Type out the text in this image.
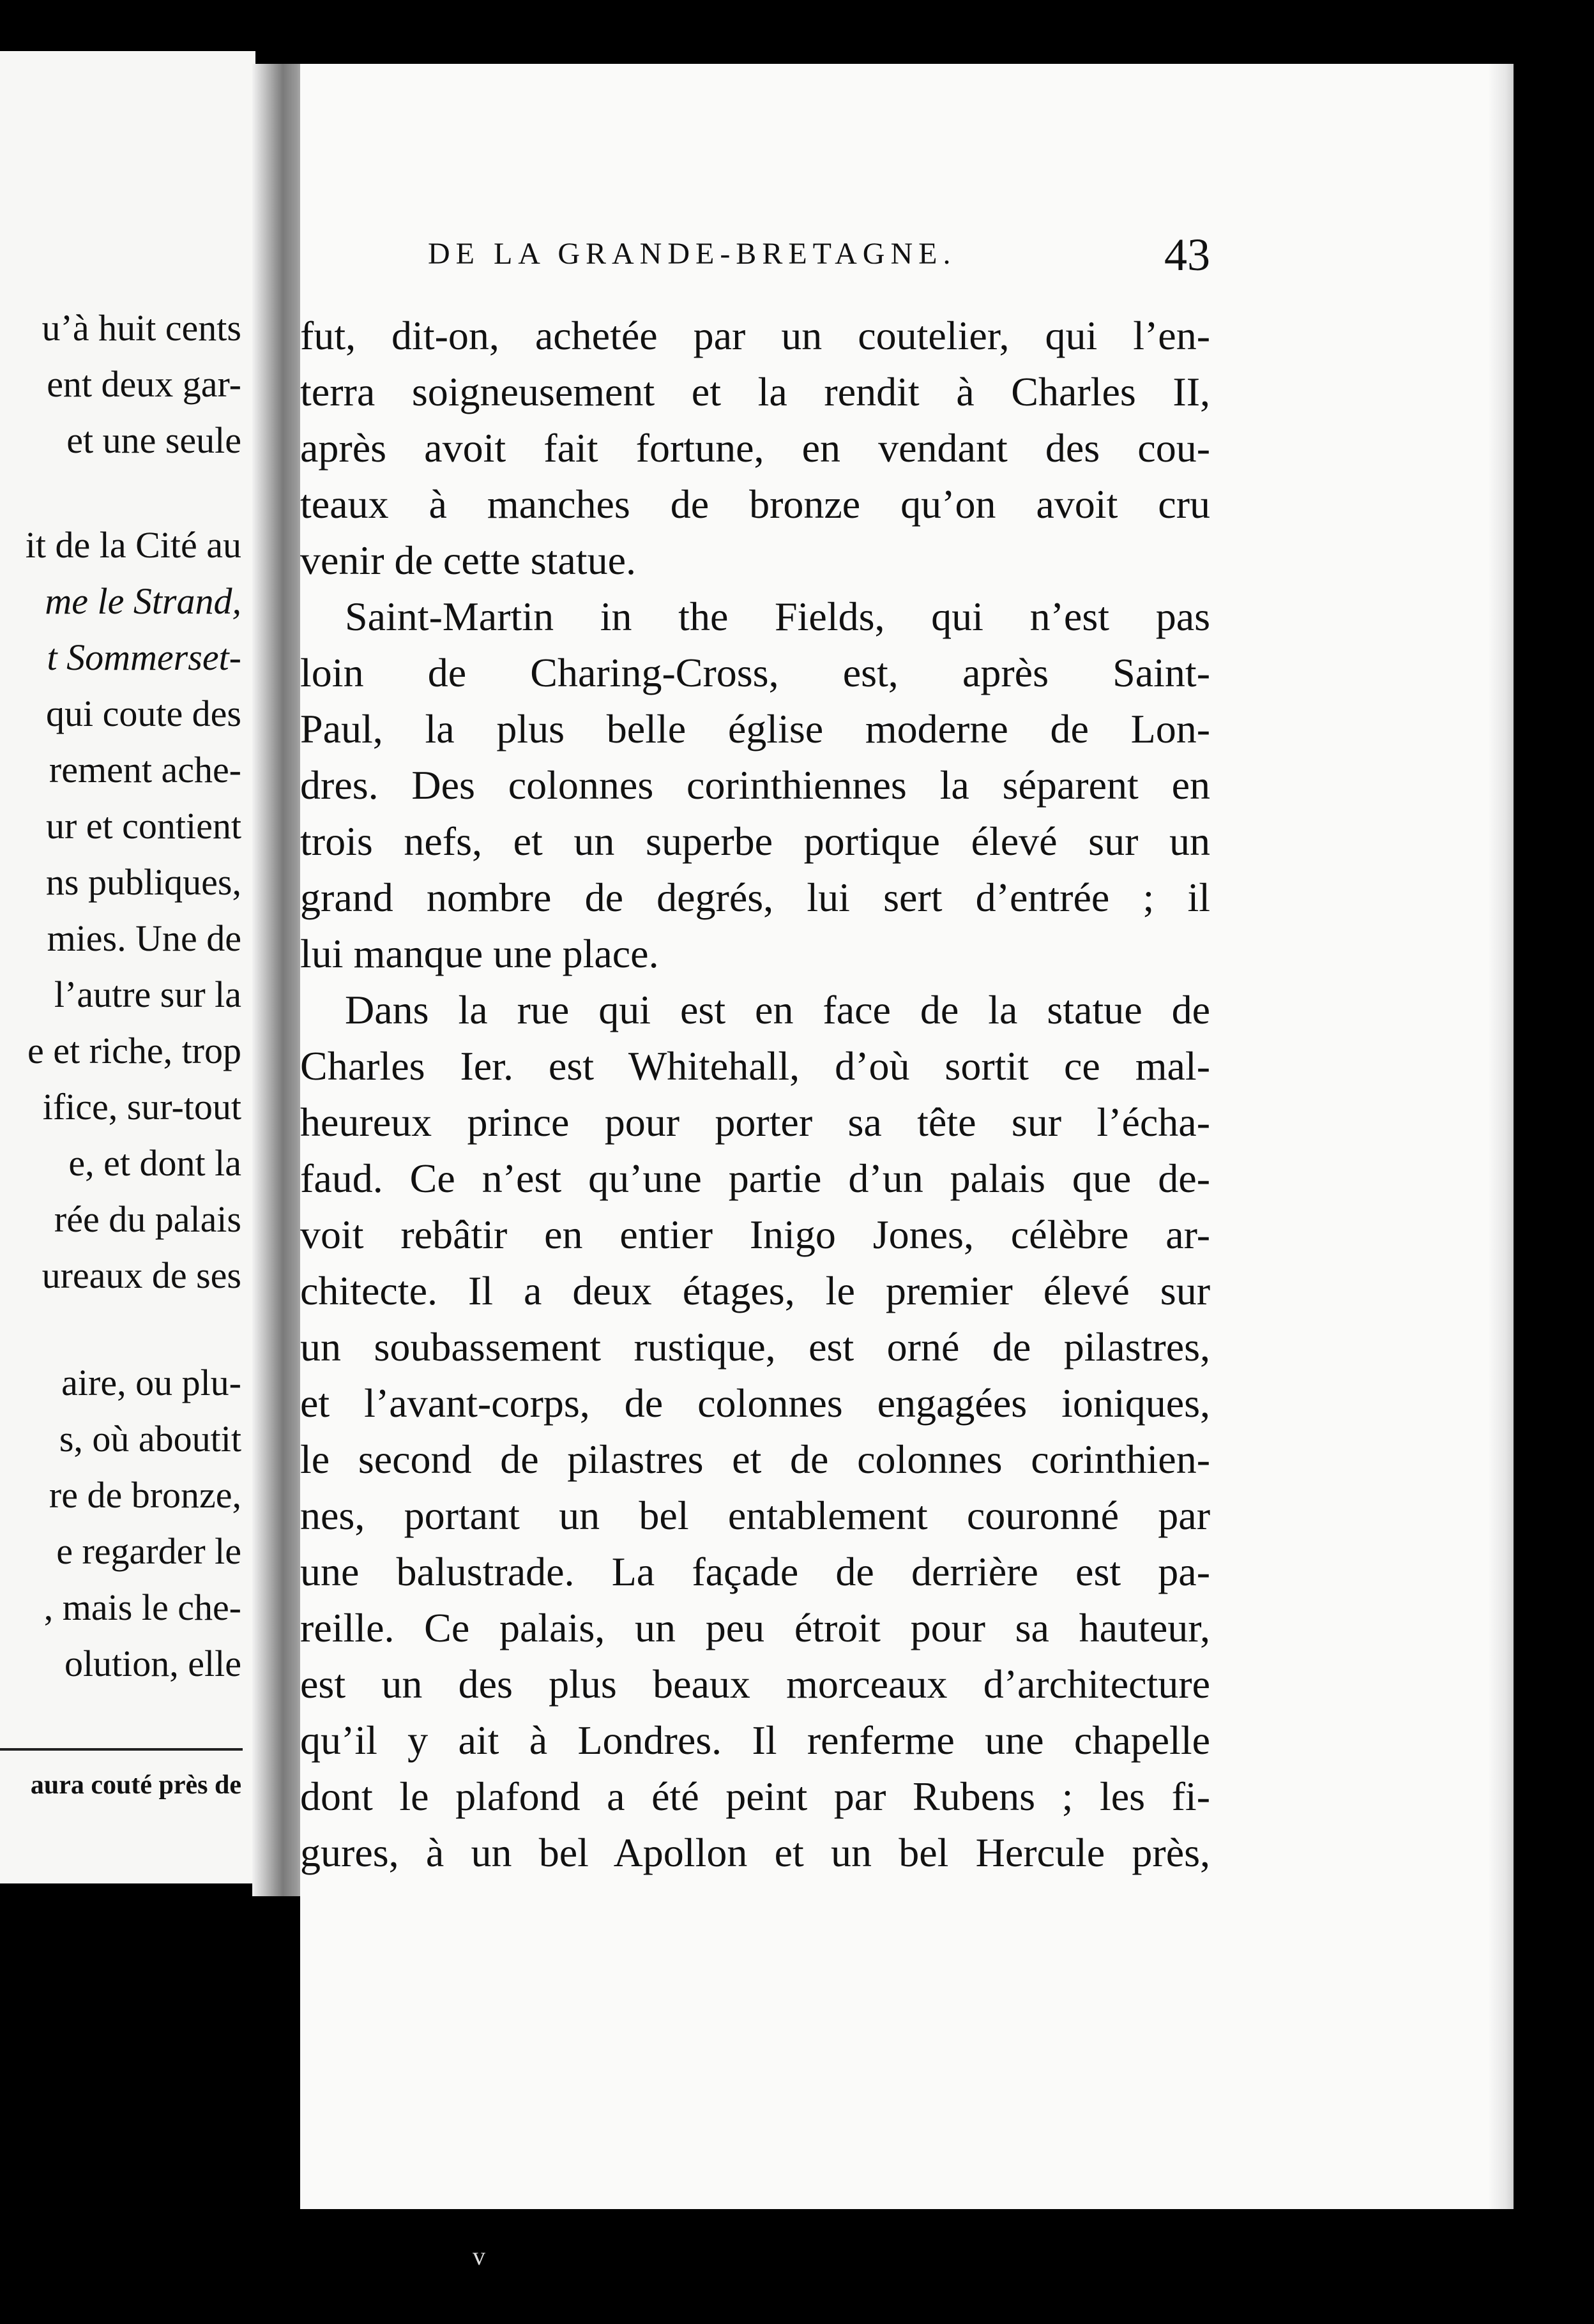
u’à huit cents
ent deux gar-
et une seule
it de la Cité au
me le Strand,
t Sommerset-
qui coute des
rement ache-
ur et contient
ns publiques,
mies. Une de
l’autre sur la
e et riche, trop
ifice, sur-tout
e, et dont la
rée du palais
ureaux de ses
aire, ou plu-
s, où aboutit
re de bronze,
e regarder le
, mais le che-
olution, elle
aura couté près de
DE LA GRANDE-BRETAGNE.	43
fut, dit-on, achetée par un coutelier, qui l’en-
terra soigneusement et la rendit à Charles II,
après avoit fait fortune, en vendant des cou-
teaux à manches de bronze qu’on avoit cru
venir de cette statue.
Saint-Martin in the Fields, qui n’est pas
loin de Charing-Cross, est, après Saint-
Paul, la plus belle église moderne de Lon-
dres. Des colonnes corinthiennes la séparent en
trois nefs, et un superbe portique élevé sur un
grand nombre de degrés, lui sert d’entrée ; il
lui manque une place.
Dans la rue qui est en face de la statue de
Charles Ier. est Whitehall, d’où sortit ce mal-
heureux prince pour porter sa tête sur l’écha-
faud. Ce n’est qu’une partie d’un palais que de-
voit rebâtir en entier Inigo Jones, célèbre ar-
chitecte. Il a deux étages, le premier élevé sur
un soubassement rustique, est orné de pilastres,
et l’avant-corps, de colonnes engagées ioniques,
le second de pilastres et de colonnes corinthien-
nes, portant un bel entablement couronné par
une balustrade. La façade de derrière est pa-
reille. Ce palais, un peu étroit pour sa hauteur,
est un des plus beaux morceaux d’architecture
qu’il y ait à Londres. Il renferme une chapelle
dont le plafond a été peint par Rubens ; les fi-
gures, à un bel Apollon et un bel Hercule près,
v
